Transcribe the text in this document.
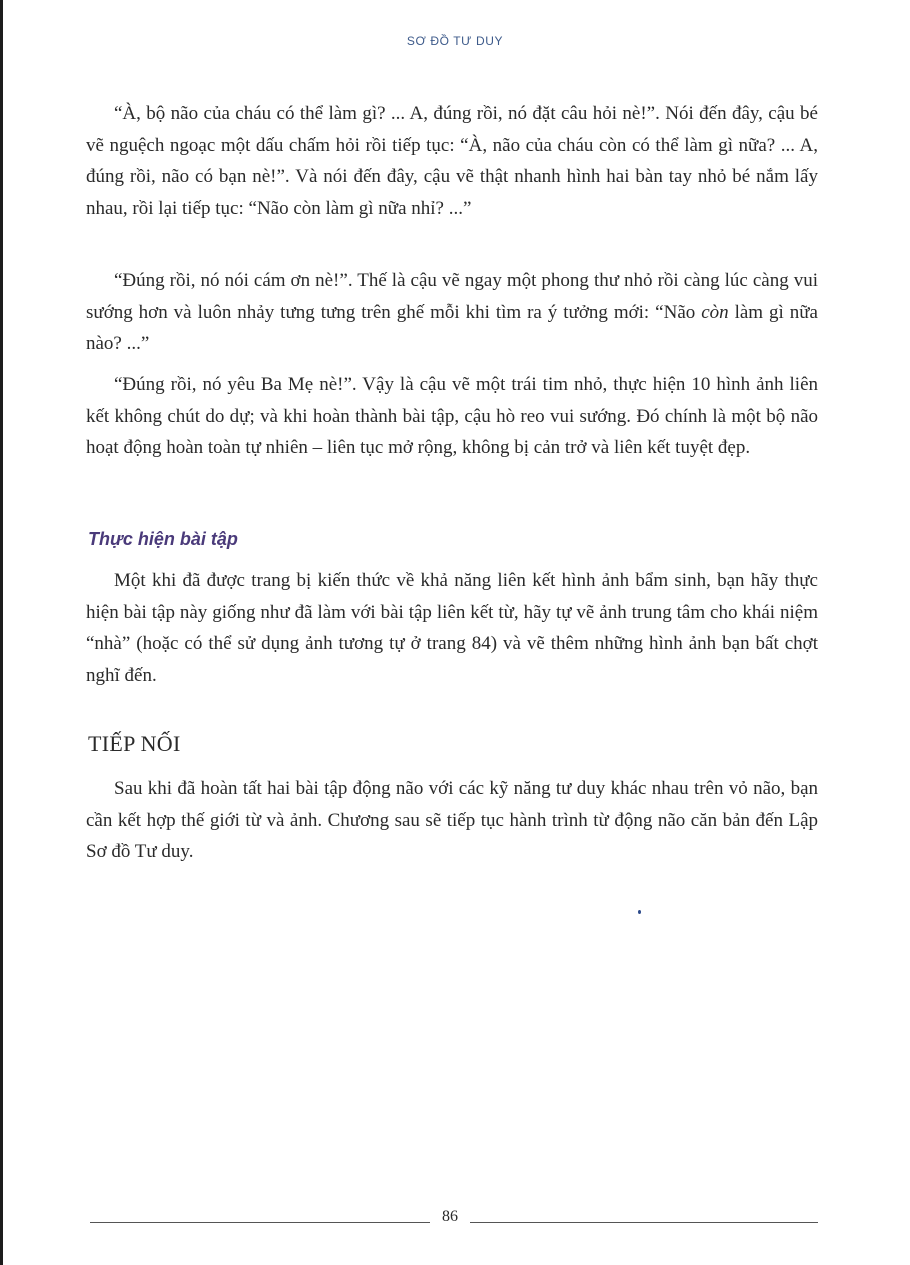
SƠ ĐỒ TƯ DUY

“À, bộ não của cháu có thể làm gì? ... A, đúng rồi, nó đặt câu hỏi nè!”. Nói đến đây, cậu bé vẽ nguệch ngoạc một dấu chấm hỏi rồi tiếp tục: “À, não của cháu còn có thể làm gì nữa? ... A, đúng rồi, não có bạn nè!”. Và nói đến đây, cậu vẽ thật nhanh hình hai bàn tay nhỏ bé nắm lấy nhau, rồi lại tiếp tục: “Não còn làm gì nữa nhỉ? ...”

“Đúng rồi, nó nói cám ơn nè!”. Thế là cậu vẽ ngay một phong thư nhỏ rồi càng lúc càng vui sướng hơn và luôn nhảy tưng tưng trên ghế mỗi khi tìm ra ý tưởng mới: “Não còn làm gì nữa nào? ...”

“Đúng rồi, nó yêu Ba Mẹ nè!”. Vậy là cậu vẽ một trái tim nhỏ, thực hiện 10 hình ảnh liên kết không chút do dự; và khi hoàn thành bài tập, cậu hò reo vui sướng. Đó chính là một bộ não hoạt động hoàn toàn tự nhiên – liên tục mở rộng, không bị cản trở và liên kết tuyệt đẹp.

Thực hiện bài tập

Một khi đã được trang bị kiến thức về khả năng liên kết hình ảnh bẩm sinh, bạn hãy thực hiện bài tập này giống như đã làm với bài tập liên kết từ, hãy tự vẽ ảnh trung tâm cho khái niệm “nhà” (hoặc có thể sử dụng ảnh tương tự ở trang 84) và vẽ thêm những hình ảnh bạn bất chợt nghĩ đến.

TIẾP NỐI

Sau khi đã hoàn tất hai bài tập động não với các kỹ năng tư duy khác nhau trên vỏ não, bạn cần kết hợp thế giới từ và ảnh. Chương sau sẽ tiếp tục hành trình từ động não căn bản đến Lập Sơ đồ Tư duy.

86
